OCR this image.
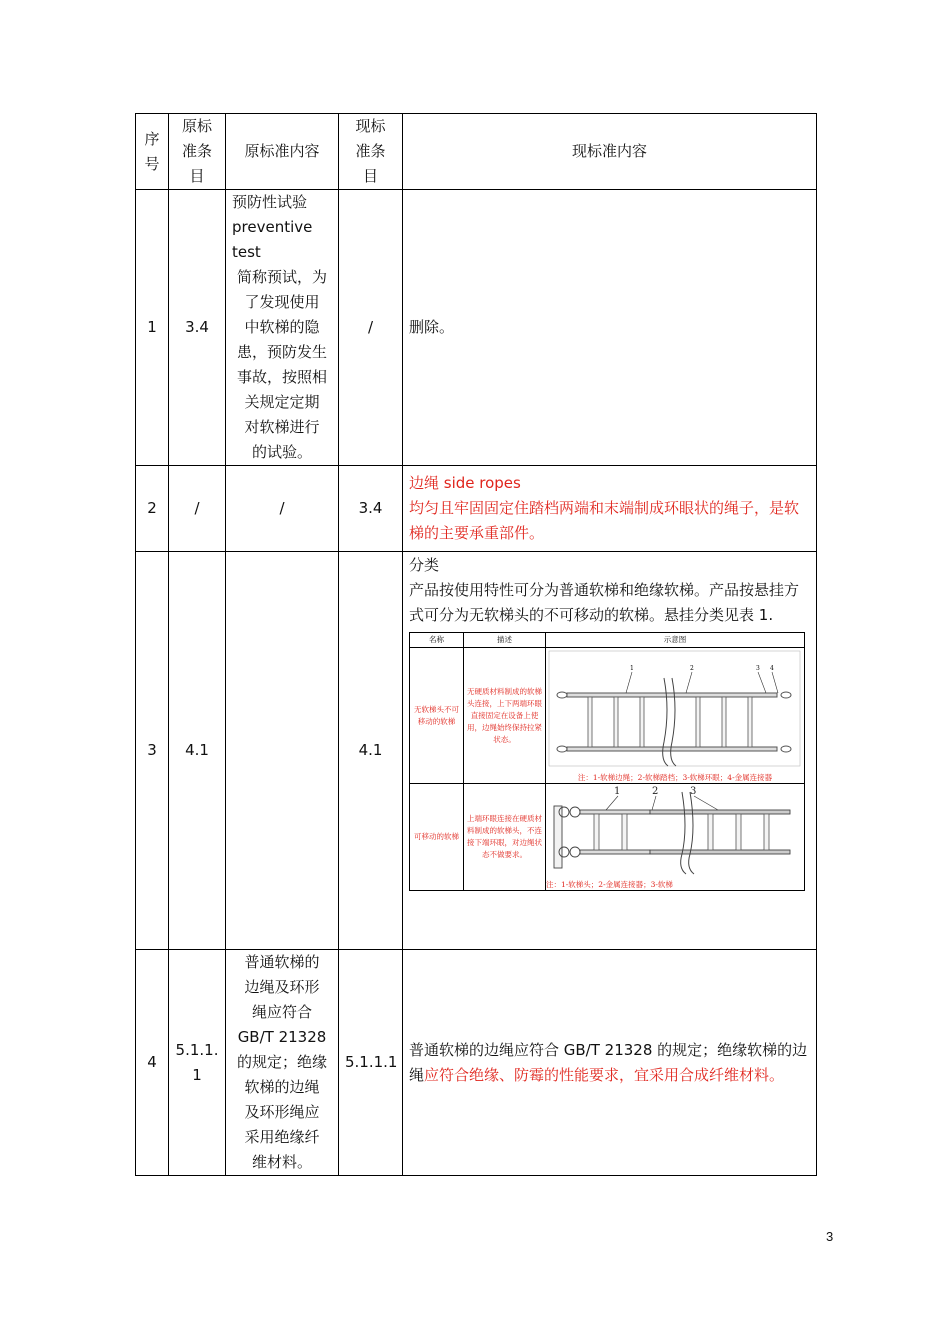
序
号	原标
准条
目	原标准内容	现标
准条
目	现标准内容
1	3.4	
预防性试验
preventive
test
简称预试，为
了发现使用
中软梯的隐
患，预防发生
事故，按照相
关规定定期
对软梯进行
的试验。
	/	删除。
2	/	/	3.4	
边绳 side ropes
均匀且牢固固定住踏档两端和末端制成环眼状的绳子，是软梯的主要承重部件。

3	4.1		4.1	
分类
产品按使用特性可分为普通软梯和绝缘软梯。产品按悬挂方式可分为无软梯头的不可移动的软梯。悬挂分类见表 1.
名称	描述	示意图
无软梯头不可移动的软梯	无硬质材料制成的软梯头连接，上下两端环眼直接固定在设备上使用，边绳始终保持拉紧状态。	
1	2	3 4
注：1-软梯边绳；2-软梯踏档；3-软梯环眼；4-金属连接器

可移动的软梯	上端环眼连接在硬质材料制成的软梯头，不连接下端环眼，对边绳状态不做要求。	
1	2	3
注：1-软梯头；2-金属连接器；3-软梯

4	5.1.1.
1	普通软梯的
边绳及环形
绳应符合
GB/T 21328
的规定；绝缘
软梯的边绳
及环形绳应
采用绝缘纤
维材料。	5.1.1.1	普通软梯的边绳应符合 GB/T 21328 的规定；绝缘软梯的边绳应符合绝缘、防霉的性能要求，宜采用合成纤维材料。
3
